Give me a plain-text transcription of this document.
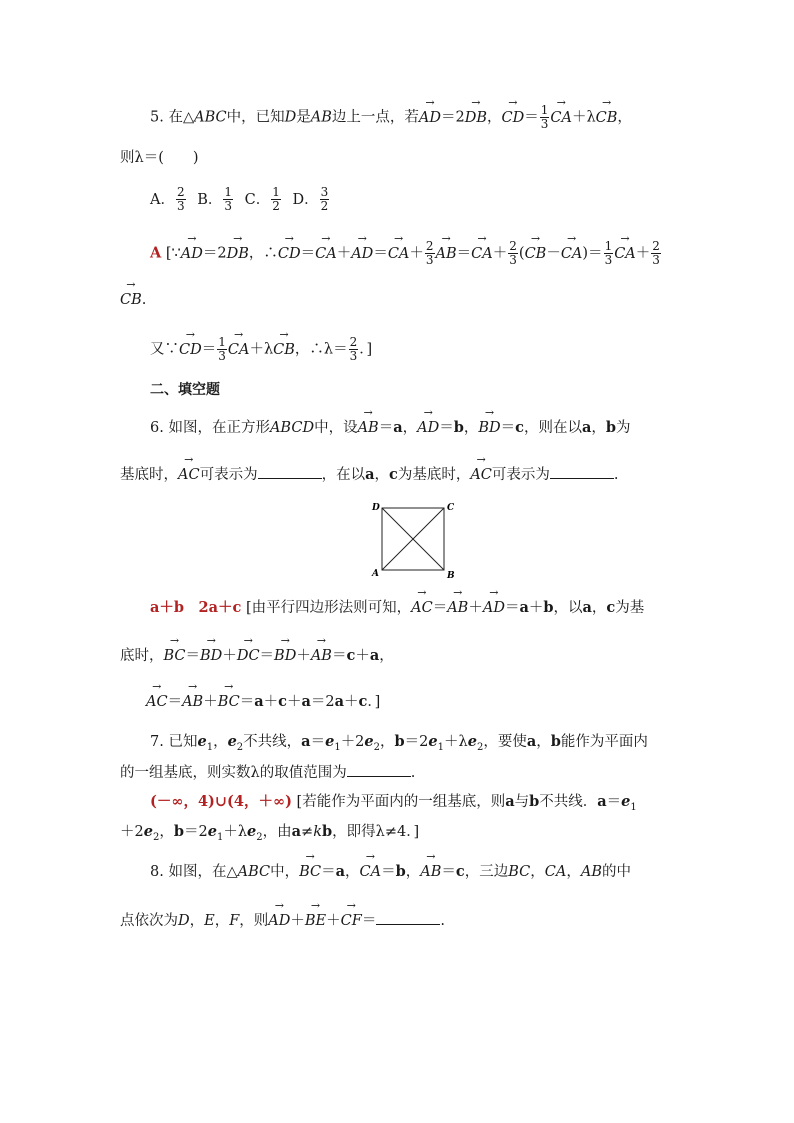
5. 在△ABC中，已知D是AB边上一点，若→ AD＝2→ DB，→ $CD= \frac{1}{3}$
→ CA＋λ→ CB，
则λ＝(　　)
A． $\frac{2}{3}$ B． $\frac{1}{3}$ C． $\frac{1}{2}$ D． $\frac{3}{2}$
A [∵→ AD＝2→ DB，∴→ $CD=\to CA+\to AD=\to CA+ \frac{2}{3}$
→ $AB=\to CA+ \frac{2}{3}$ (→ $CB-\to CA)= \frac{1}{3}$
→ $CA+ \frac{2}{3}$
→ CB.
又∵→ $CD= \frac{1}{3}$
→ CA＋λ→ CB，∴λ＝ $\frac{2}{3}$ ．]
二、填空题
6. 如图，在正方形ABCD中，设→ AB＝a，→ AD＝b，→ BD＝c，则在以a，b为
基底时，→ AC可表示为	，在以a，c为基底时，→ AC可表示为	.
D	C
A	B
a＋b　2a＋c [由平行四边形法则可知，→ AC＝→ AB＋→ AD＝a＋b，以a，c为基
底时，→ BC＝→ BD＋→ DC＝→ BD＋→ AB＝c＋a，
→ AC＝→ AB＋→ BC＝a＋c＋a＝2a＋c．]
7. 已知$e_1$，$e_2$不共线，$a=e_1+2e_2$，$b=2e_1+\lambda e_2$，要使a，b能作为平面内
的一组基底，则实数λ的取值范围为	.
(－∞，4)∪(4，＋∞) [若能作为平面内的一组基底，则a与b不共线．$a=e_1$
$+2e_2$，$b=2e_1+\lambda e_2$，由a≠kb，即得λ≠4．]
8. 如图，在△ABC中，→ BC＝a，→ CA＝b，→ AB＝c，三边BC，CA，AB的中
点依次为D，E，F，则→ AD＋→ BE＋→ CF＝	.
